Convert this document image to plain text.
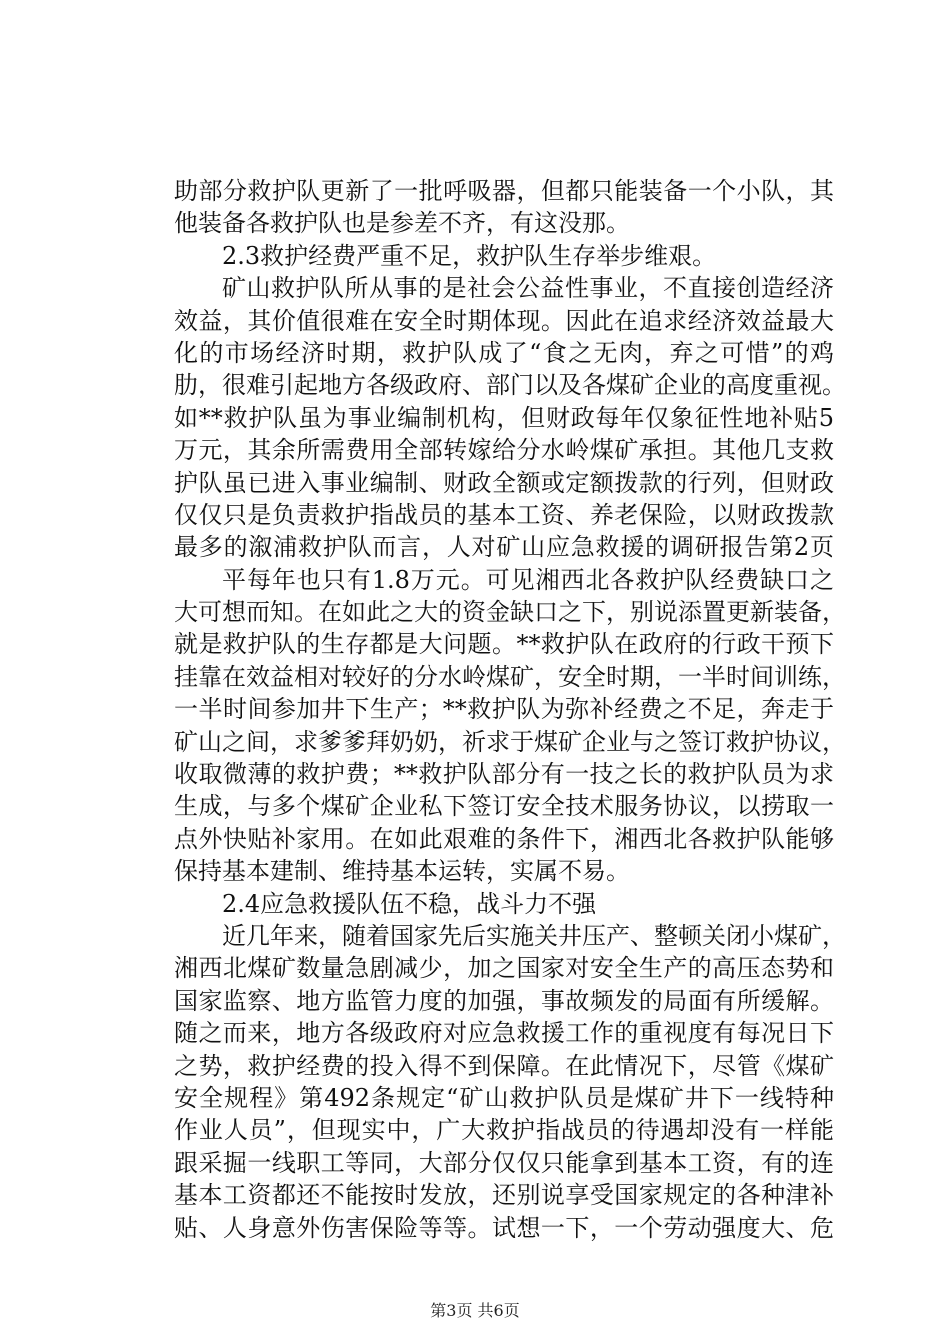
助部分救护队更新了一批呼吸器，但都只能装备一个小队，其
他装备各救护队也是参差不齐，有这没那。
2.3救护经费严重不足，救护队生存举步维艰。
矿山救护队所从事的是社会公益性事业，不直接创造经济
效益，其价值很难在安全时期体现。因此在追求经济效益最大
化的市场经济时期，救护队成了“食之无肉，弃之可惜”的鸡
肋，很难引起地方各级政府、部门以及各煤矿企业的高度重视。
如**救护队虽为事业编制机构，但财政每年仅象征性地补贴5
万元，其余所需费用全部转嫁给分水岭煤矿承担。其他几支救
护队虽已进入事业编制、财政全额或定额拨款的行列，但财政
仅仅只是负责救护指战员的基本工资、养老保险，以财政拨款
最多的溆浦救护队而言，人对矿山应急救援的调研报告第2页
平每年也只有1.8万元。可见湘西北各救护队经费缺口之
大可想而知。在如此之大的资金缺口之下，别说添置更新装备，
就是救护队的生存都是大问题。**救护队在政府的行政干预下
挂靠在效益相对较好的分水岭煤矿，安全时期，一半时间训练，
一半时间参加井下生产；**救护队为弥补经费之不足，奔走于
矿山之间，求爹爹拜奶奶，祈求于煤矿企业与之签订救护协议，
收取微薄的救护费；**救护队部分有一技之长的救护队员为求
生成，与多个煤矿企业私下签订安全技术服务协议，以捞取一
点外快贴补家用。在如此艰难的条件下，湘西北各救护队能够
保持基本建制、维持基本运转，实属不易。
2.4应急救援队伍不稳，战斗力不强
近几年来，随着国家先后实施关井压产、整顿关闭小煤矿，
湘西北煤矿数量急剧减少，加之国家对安全生产的高压态势和
国家监察、地方监管力度的加强，事故频发的局面有所缓解。
随之而来，地方各级政府对应急救援工作的重视度有每况日下
之势，救护经费的投入得不到保障。在此情况下，尽管《煤矿
安全规程》第492条规定“矿山救护队员是煤矿井下一线特种
作业人员”，但现实中，广大救护指战员的待遇却没有一样能
跟采掘一线职工等同，大部分仅仅只能拿到基本工资，有的连
基本工资都还不能按时发放，还别说享受国家规定的各种津补
贴、人身意外伤害保险等等。试想一下，一个劳动强度大、危
第3页 共6页
